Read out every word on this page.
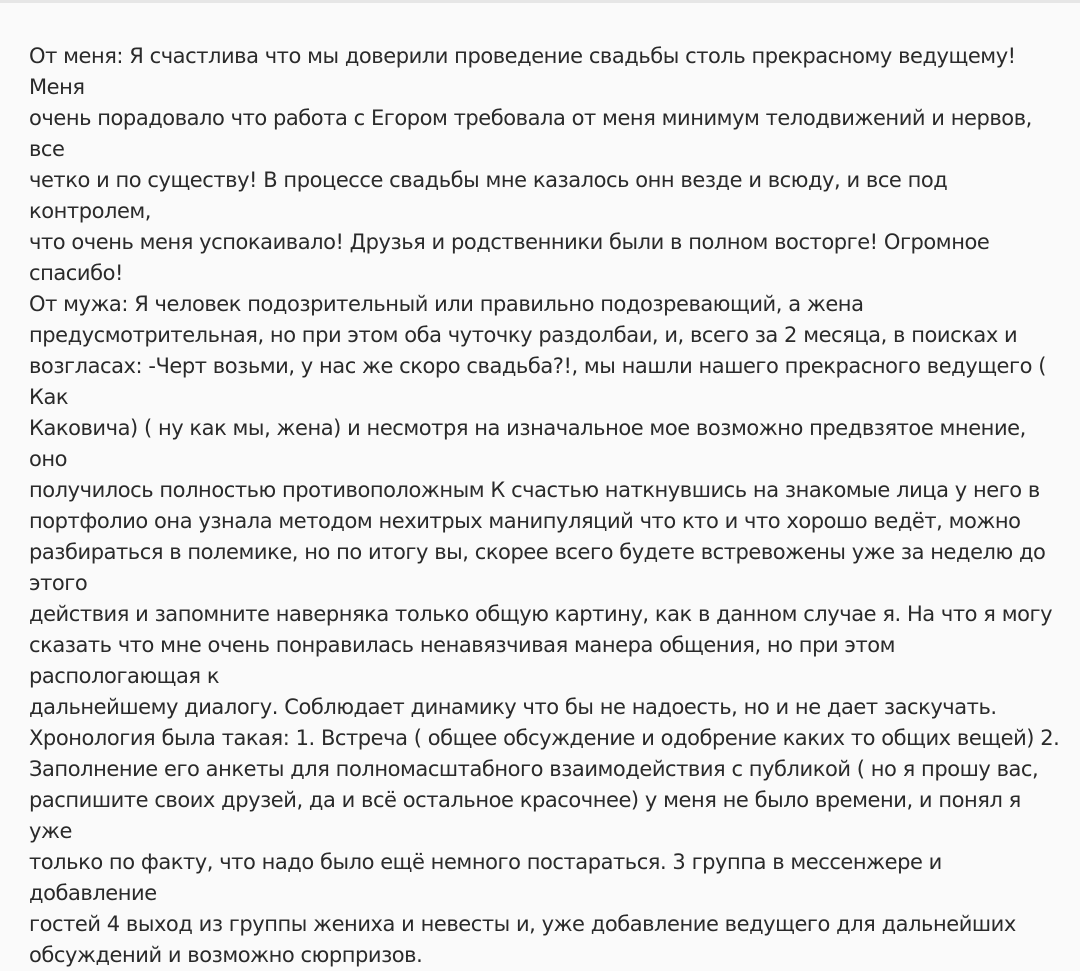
От меня: Я счастлива что мы доверили проведение свадьбы столь прекрасному ведущему! Меня
очень порадовало что работа с Егором требовала от меня минимум телодвижений и нервов, все
четко и по существу! В процессе свадьбы мне казалось онн везде и всюду, и все под контролем,
что очень меня успокаивало! Друзья и родственники были в полном восторге! Огромное спасибо!
От мужа: Я человек подозрительный или правильно подозревающий, а жена
предусмотрительная, но при этом оба чуточку раздолбаи, и, всего за 2 месяца, в поисках и
возгласах: -Черт возьми, у нас же скоро свадьба?!, мы нашли нашего прекрасного ведущего ( Как
Каковича) ( ну как мы, жена) и несмотря на изначальное мое возможно предвзятое мнение, оно
получилось полностью противоположным К счастью наткнувшись на знакомые лица у него в
портфолио она узнала методом нехитрых манипуляций что кто и что хорошо ведёт, можно
разбираться в полемике, но по итогу вы, скорее всего будете встревожены уже за неделю до этого
действия и запомните наверняка только общую картину, как в данном случае я. На что я могу
сказать что мне очень понравилась ненавязчивая манера общения, но при этом распологающая к
дальнейшему диалогу. Соблюдает динамику что бы не надоесть, но и не дает заскучать.
Хронология была такая: 1. Встреча ( общее обсуждение и одобрение каких то общих вещей) 2.
Заполнение его анкеты для полномасштабного взаимодействия с публикой ( но я прошу вас,
распишите своих друзей, да и всё остальное красочнее) у меня не было времени, и понял я уже
только по факту, что надо было ещё немного постараться. 3 группа в мессенжере и добавление
гостей 4 выход из группы жениха и невесты и, уже добавление ведущего для дальнейших
обсуждений и возможно сюрпризов.
